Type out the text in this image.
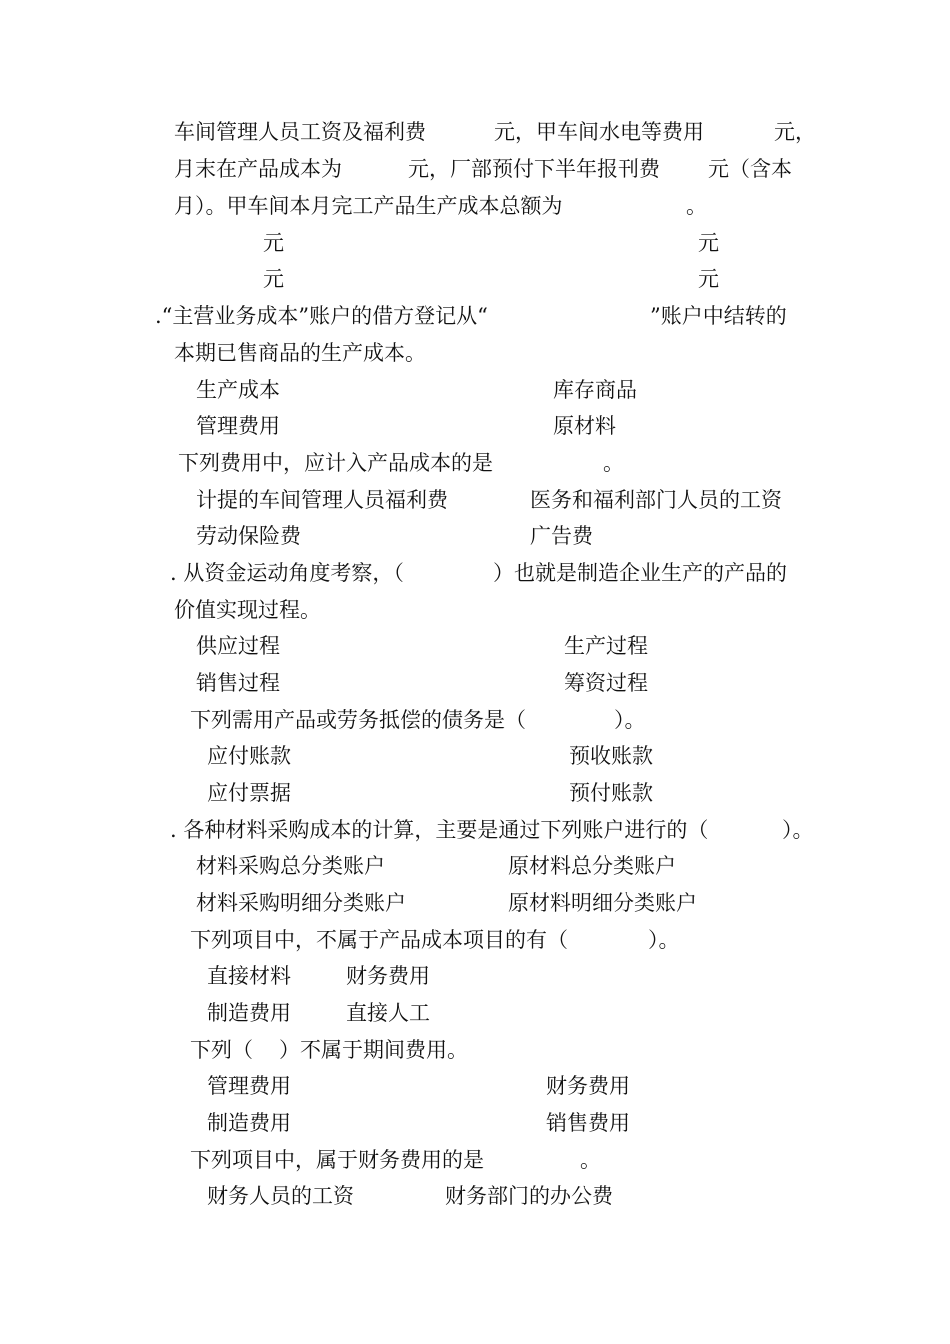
车间管理人员工资及福利费	元，甲车间水电等费用	元，
月末在产品成本为	元，厂部预付下半年报刊费 元（含本
月）。甲车间本月完工产品生产成本总额为	。
元	元
元	元
.“主营业务成本”账户的借方登记从“	”账户中结转的
本期已售商品的生产成本。
生产成本	库存商品
管理费用	原材料
下列费用中，应计入产品成本的是	。
计提的车间管理人员福利费	医务和福利部门人员的工资
劳动保险费	广告费
. 从资金运动角度考察，（	）也就是制造企业生产的产品的
价值实现过程。
供应过程	生产过程
销售过程	筹资过程
下列需用产品或劳务抵偿的债务是（	）。
应付账款	预收账款
应付票据	预付账款
. 各种材料采购成本的计算，主要是通过下列账户进行的（	）。
材料采购总分类账户	原材料总分类账户
材料采购明细分类账户	原材料明细分类账户
下列项目中，不属于产品成本项目的有（	）。
直接材料	财务费用
制造费用	直接人工
下列（ ）不属于期间费用。
管理费用	财务费用
制造费用	销售费用
下列项目中，属于财务费用的是	。
财务人员的工资	财务部门的办公费
